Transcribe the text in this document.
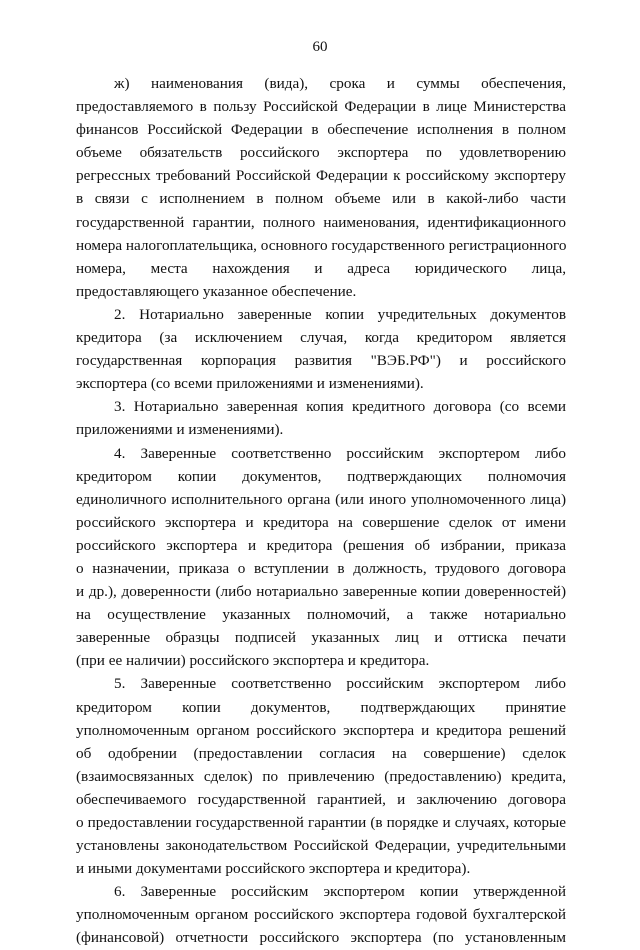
60
ж) наименования (вида), срока и суммы обеспечения,
предоставляемого в пользу Российской Федерации в лице Министерства
финансов Российской Федерации в обеспечение исполнения в полном
объеме обязательств российского экспортера по удовлетворению
регрессных требований Российской Федерации к российскому экспортеру
в связи с исполнением в полном объеме или в какой-либо части
государственной гарантии, полного наименования, идентификационного
номера налогоплательщика, основного государственного регистрационного
номера, места нахождения и адреса юридического лица,
предоставляющего указанное обеспечение.
2. Нотариально заверенные копии учредительных документов
кредитора (за исключением случая, когда кредитором является
государственная корпорация развития "ВЭБ.РФ") и российского
экспортера (со всеми приложениями и изменениями).
3. Нотариально заверенная копия кредитного договора (со всеми
приложениями и изменениями).
4. Заверенные соответственно российским экспортером либо
кредитором копии документов, подтверждающих полномочия
единоличного исполнительного органа (или иного уполномоченного лица)
российского экспортера и кредитора на совершение сделок от имени
российского экспортера и кредитора (решения об избрании, приказа
о назначении, приказа о вступлении в должность, трудового договора
и др.), доверенности (либо нотариально заверенные копии доверенностей)
на осуществление указанных полномочий, а также нотариально
заверенные образцы подписей указанных лиц и оттиска печати
(при ее наличии) российского экспортера и кредитора.
5. Заверенные соответственно российским экспортером либо
кредитором копии документов, подтверждающих принятие
уполномоченным органом российского экспортера и кредитора решений
об одобрении (предоставлении согласия на совершение) сделок
(взаимосвязанных сделок) по привлечению (предоставлению) кредита,
обеспечиваемого государственной гарантией, и заключению договора
о предоставлении государственной гарантии (в порядке и случаях, которые
установлены законодательством Российской Федерации, учредительными
и иными документами российского экспортера и кредитора).
6. Заверенные российским экспортером копии утвержденной
уполномоченным органом российского экспортера годовой бухгалтерской
(финансовой) отчетности российского экспортера (по установленным
